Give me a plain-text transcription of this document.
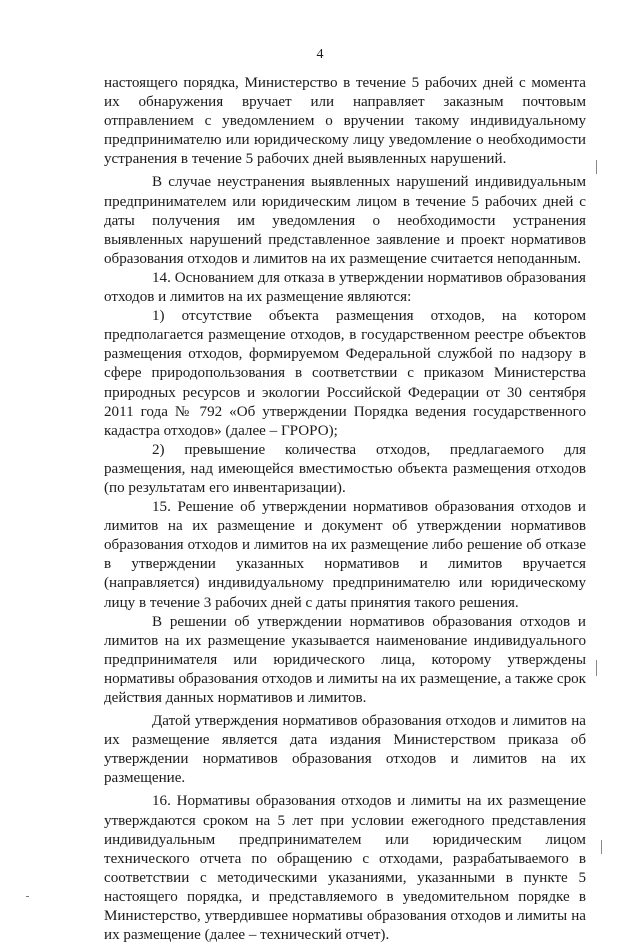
4

настоящего порядка, Министерство в течение 5 рабочих дней с момента их обнаружения вручает или направляет заказным почтовым отправлением с уведомлением о вручении такому индивидуальному предпринимателю или юридическому лицу уведомление о необходимости устранения в течение 5 рабочих дней выявленных нарушений.

В случае неустранения выявленных нарушений индивидуальным предпринимателем или юридическим лицом в течение 5 рабочих дней с даты получения им уведомления о необходимости устранения выявленных нарушений представленное заявление и проект нормативов образования отходов и лимитов на их размещение считается неподанным.

14. Основанием для отказа в утверждении нормативов образования отходов и лимитов на их размещение являются:

1) отсутствие объекта размещения отходов, на котором предполагается размещение отходов, в государственном реестре объектов размещения отходов, формируемом Федеральной службой по надзору в сфере природопользования в соответствии с приказом Министерства природных ресурсов и экологии Российской Федерации от 30 сентября 2011 года № 792 «Об утверждении Порядка ведения государственного кадастра отходов» (далее – ГРОРО);

2) превышение количества отходов, предлагаемого для размещения, над имеющейся вместимостью объекта размещения отходов (по результатам его инвентаризации).

15. Решение об утверждении нормативов образования отходов и лимитов на их размещение и документ об утверждении нормативов образования отходов и лимитов на их размещение либо решение об отказе в утверждении указанных нормативов и лимитов вручается (направляется) индивидуальному предпринимателю или юридическому лицу в течение 3 рабочих дней с даты принятия такого решения.

В решении об утверждении нормативов образования отходов и лимитов на их размещение указывается наименование индивидуального предпринимателя или юридического лица, которому утверждены нормативы образования отходов и лимиты на их размещение, а также срок действия данных нормативов и лимитов.

Датой утверждения нормативов образования отходов и лимитов на их размещение является дата издания Министерством приказа об утверждении нормативов образования отходов и лимитов на их размещение.

16. Нормативы образования отходов и лимиты на их размещение утверждаются сроком на 5 лет при условии ежегодного представления индивидуальным предпринимателем или юридическим лицом технического отчета по обращению с отходами, разрабатываемого в соответствии с методическими указаниями, указанными в пункте 5 настоящего порядка, и представляемого в уведомительном порядке в Министерство, утвердившее нормативы образования отходов и лимиты на их размещение (далее – технический отчет).
